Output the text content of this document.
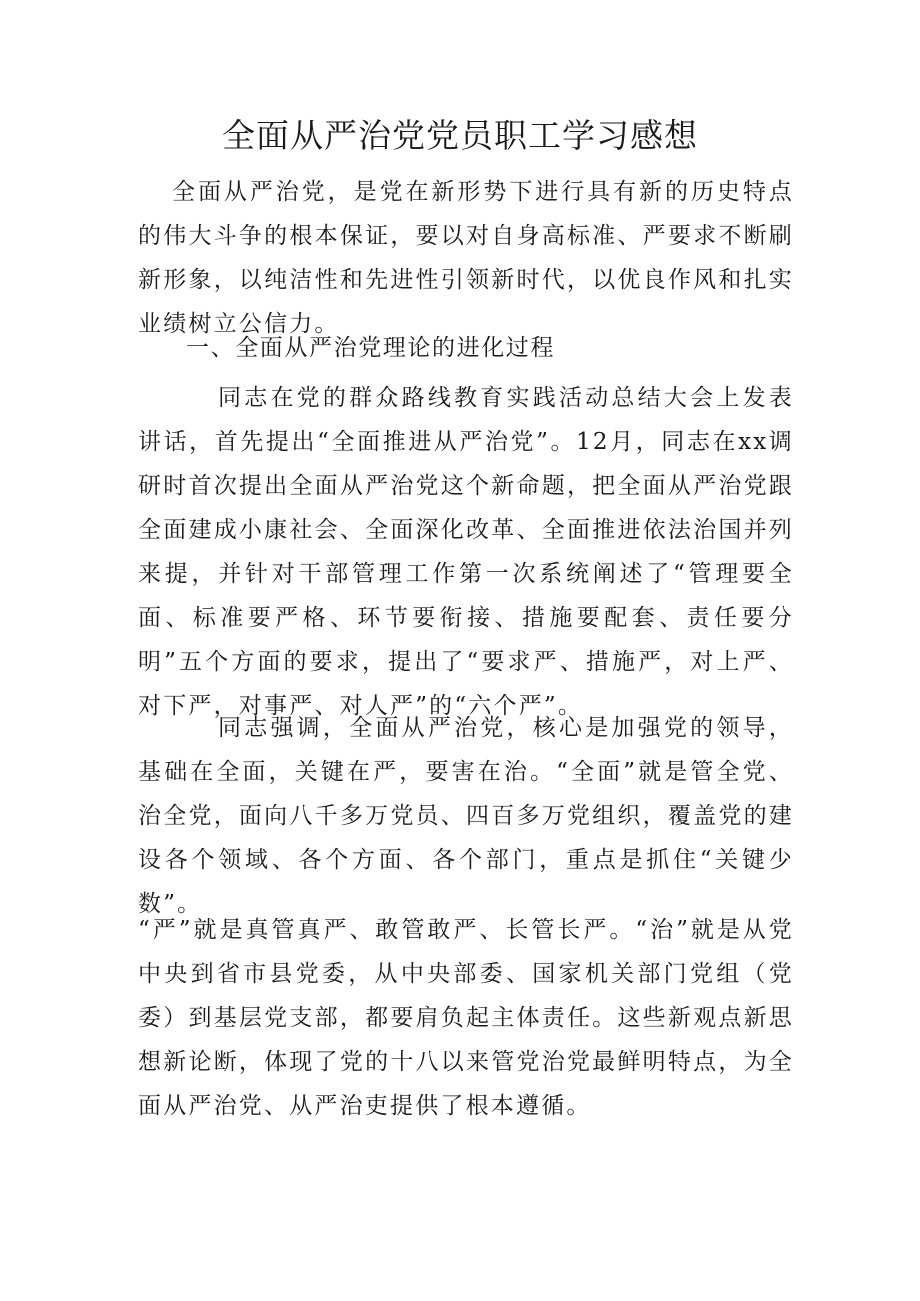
全面从严治党党员职工学习感想

全面从严治党，是党在新形势下进行具有新的历史特点的伟大斗争的根本保证，要以对自身高标准、严要求不断刷新形象，以纯洁性和先进性引领新时代，以优良作风和扎实业绩树立公信力。

一、全面从严治党理论的进化过程

同志在党的群众路线教育实践活动总结大会上发表讲话，首先提出“全面推进从严治党”。12月，同志在xx调研时首次提出全面从严治党这个新命题，把全面从严治党跟全面建成小康社会、全面深化改革、全面推进依法治国并列来提，并针对干部管理工作第一次系统阐述了“管理要全面、标准要严格、环节要衔接、措施要配套、责任要分明”五个方面的要求，提出了“要求严、措施严，对上严、对下严，对事严、对人严”的“六个严”。

同志强调，全面从严治党，核心是加强党的领导，基础在全面，关键在严，要害在治。“全面”就是管全党、治全党，面向八千多万党员、四百多万党组织，覆盖党的建设各个领域、各个方面、各个部门，重点是抓住“关键少数”。

“严”就是真管真严、敢管敢严、长管长严。“治”就是从党中央到省市县党委，从中央部委、国家机关部门党组（党委）到基层党支部，都要肩负起主体责任。这些新观点新思想新论断，体现了党的十八以来管党治党最鲜明特点，为全面从严治党、从严治吏提供了根本遵循。
